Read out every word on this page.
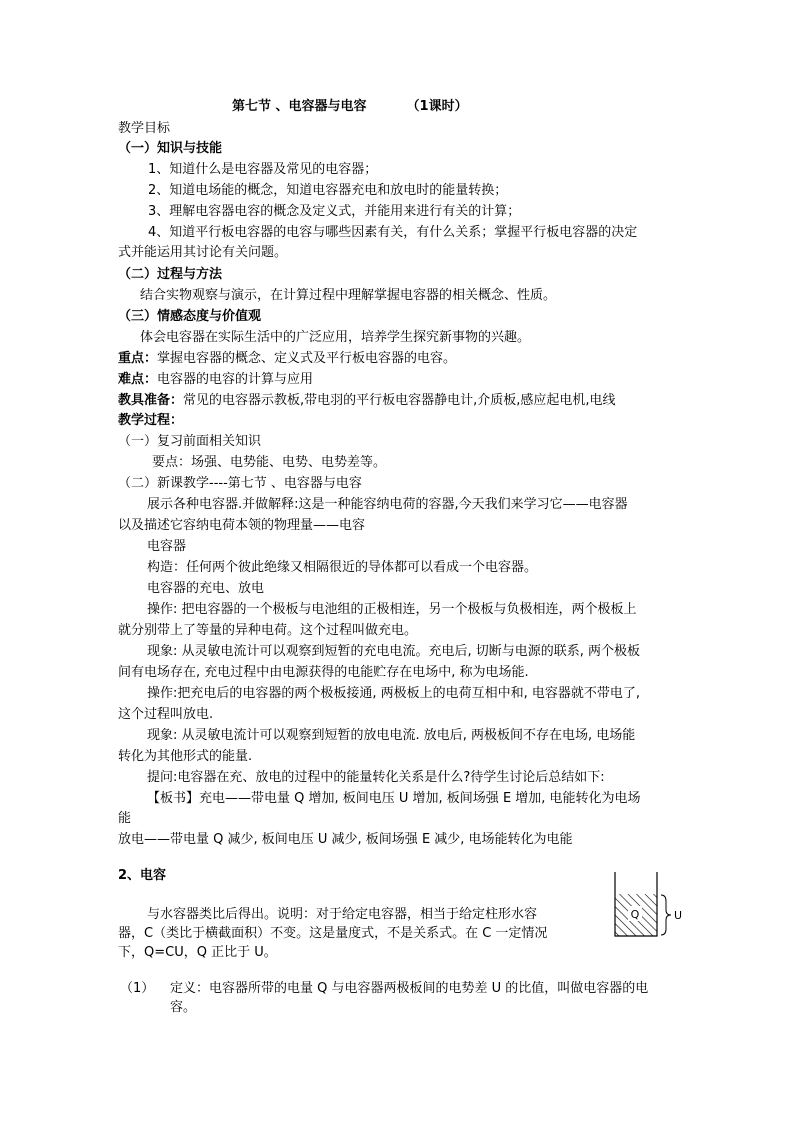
第七节 、电容器与电容	（1课时）
教学目标
（一）知识与技能
1、知道什么是电容器及常见的电容器；
2、知道电场能的概念，知道电容器充电和放电时的能量转换；
3、理解电容器电容的概念及定义式，并能用来进行有关的计算；
4、知道平行板电容器的电容与哪些因素有关，有什么关系；掌握平行板电容器的决定
式并能运用其讨论有关问题。
（二）过程与方法
结合实物观察与演示，在计算过程中理解掌握电容器的相关概念、性质。
（三）情感态度与价值观
体会电容器在实际生活中的广泛应用，培养学生探究新事物的兴趣。
重点：掌握电容器的概念、定义式及平行板电容器的电容。
难点：电容器的电容的计算与应用
教具准备：常见的电容器示教板,带电羽的平行板电容器静电计,介质板,感应起电机,电线
教学过程：
（一）复习前面相关知识
要点：场强、电势能、电势、电势差等。
（二）新课教学----第七节 、电容器与电容
展示各种电容器.并做解释:这是一种能容纳电荷的容器,今天我们来学习它——电容器
以及描述它容纳电荷本领的物理量——电容
电容器
构造：任何两个彼此绝缘又相隔很近的导体都可以看成一个电容器。
电容器的充电、放电
操作: 把电容器的一个极板与电池组的正极相连，另一个极板与负极相连，两个极板上
就分别带上了等量的异种电荷。这个过程叫做充电。
现象: 从灵敏电流计可以观察到短暂的充电电流。充电后, 切断与电源的联系, 两个极板
间有电场存在, 充电过程中由电源获得的电能贮存在电场中, 称为电场能.
操作:把充电后的电容器的两个极板接通, 两极板上的电荷互相中和, 电容器就不带电了,
这个过程叫放电.
现象: 从灵敏电流计可以观察到短暂的放电电流. 放电后, 两极板间不存在电场, 电场能
转化为其他形式的能量.
提问:电容器在充、放电的过程中的能量转化关系是什么?待学生讨论后总结如下:
【板书】充电——带电量 Q 增加, 板间电压 U 增加, 板间场强 E 增加, 电能转化为电场
能
放电——带电量 Q 减少, 板间电压 U 减少, 板间场强 E 减少, 电场能转化为电能
2、电容
与水容器类比后得出。说明：对于给定电容器，相当于给定柱形水容
器，C（类比于横截面积）不变。这是量度式，不是关系式。在 C 一定情况
下，Q=CU，Q 正比于 U。
Q	U
（1） 定义：电容器所带的电量 Q 与电容器两极板间的电势差 U 的比值，叫做电容器的电
容。
